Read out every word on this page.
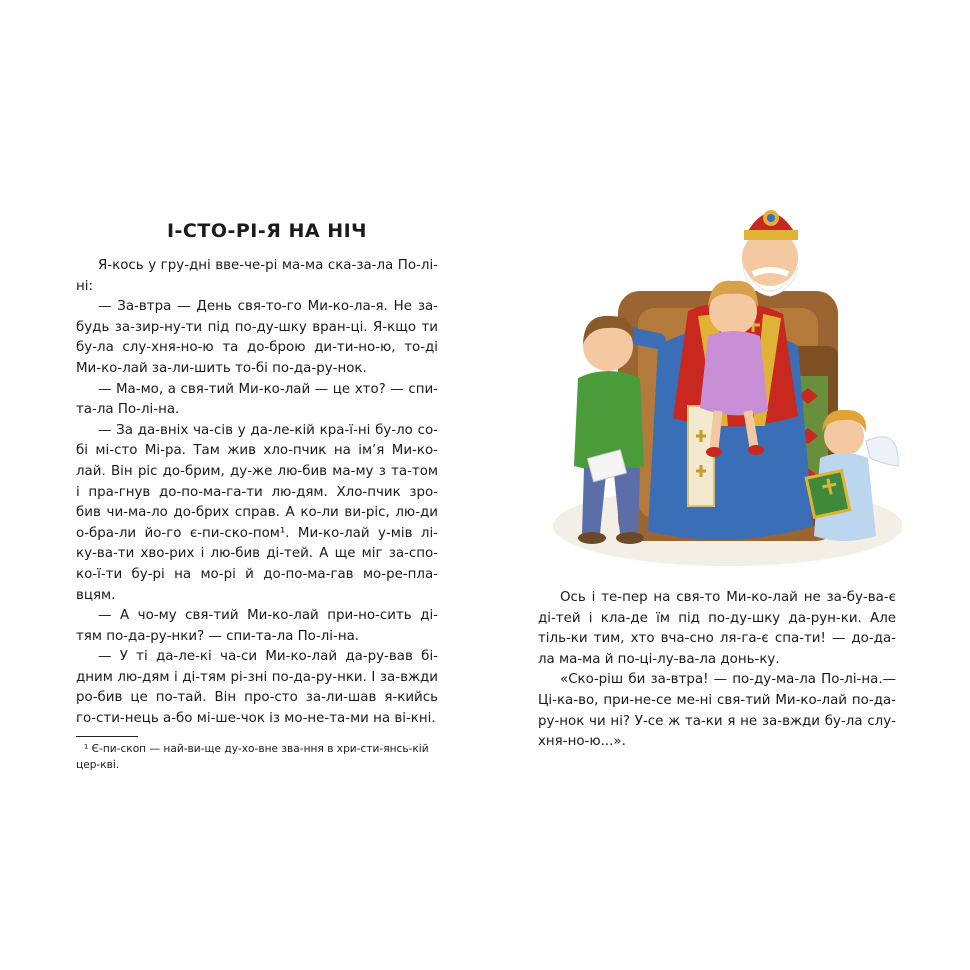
І-СТО-РІ-Я НА НІЧ

Я-кось у гру-дні вве-че-рі ма-ма ска-за-ла По-лі-ні:

— За-втра — День свя-то-го Ми-ко-ла-я. Не за-будь за-зир-ну-ти під по-ду-шку вран-ці. Я-кщо ти бу-ла слу-хня-но-ю та до-брою ди-ти-но-ю, то-ді Ми-ко-лай за-ли-шить то-бі по-да-ру-нок.

— Ма-мо, а свя-тий Ми-ко-лай — це хто? — спи-та-ла По-лі-на.

— За да-вніх ча-сів у да-ле-кій кра-ї-ні бу-ло со-бі мі-сто Мі-ра. Там жив хло-пчик на ім’я Ми-ко-лай. Він ріс до-брим, ду-же лю-бив ма-му з та-том і пра-гнув до-по-ма-га-ти лю-дям. Хло-пчик зро-бив чи-ма-ло до-брих справ. А ко-ли ви-ріс, лю-ди о-бра-ли йо-го є-пи-ско-пом¹. Ми-ко-лай у-мів лі-ку-ва-ти хво-рих і лю-бив ді-тей. А ще міг за-спо-ко-ї-ти бу-рі на мо-рі й до-по-ма-гав мо-ре-пла-вцям.

— А чо-му свя-тий Ми-ко-лай при-но-сить ді-тям по-да-ру-нки? — спи-та-ла По-лі-на.

— У ті да-ле-кі ча-си Ми-ко-лай да-ру-вав бі-дним лю-дям і ді-тям рі-зні по-да-ру-нки. І за-вжди ро-бив це по-тай. Він про-сто за-ли-шав я-кийсь го-сти-нець а-бо мі-ше-чок із мо-не-та-ми на ві-кні.

¹ Є-пи-скоп — най-ви-ще ду-хо-вне зва-ння в хри-сти-янсь-кій цер-кві.

Ось і те-пер на свя-то Ми-ко-лай не за-бу-ва-є ді-тей і кла-де їм під по-ду-шку да-рун-ки. Але тіль-ки тим, хто вча-сно ля-га-є спа-ти! — до-да-ла ма-ма й по-ці-лу-ва-ла донь-ку.

«Ско-ріш би за-втра! — по-ду-ма-ла По-лі-на.— Ці-ка-во, при-не-се ме-ні свя-тий Ми-ко-лай по-да-ру-нок чи ні? У-се ж та-ки я не за-вжди бу-ла слу-хня-но-ю...».
